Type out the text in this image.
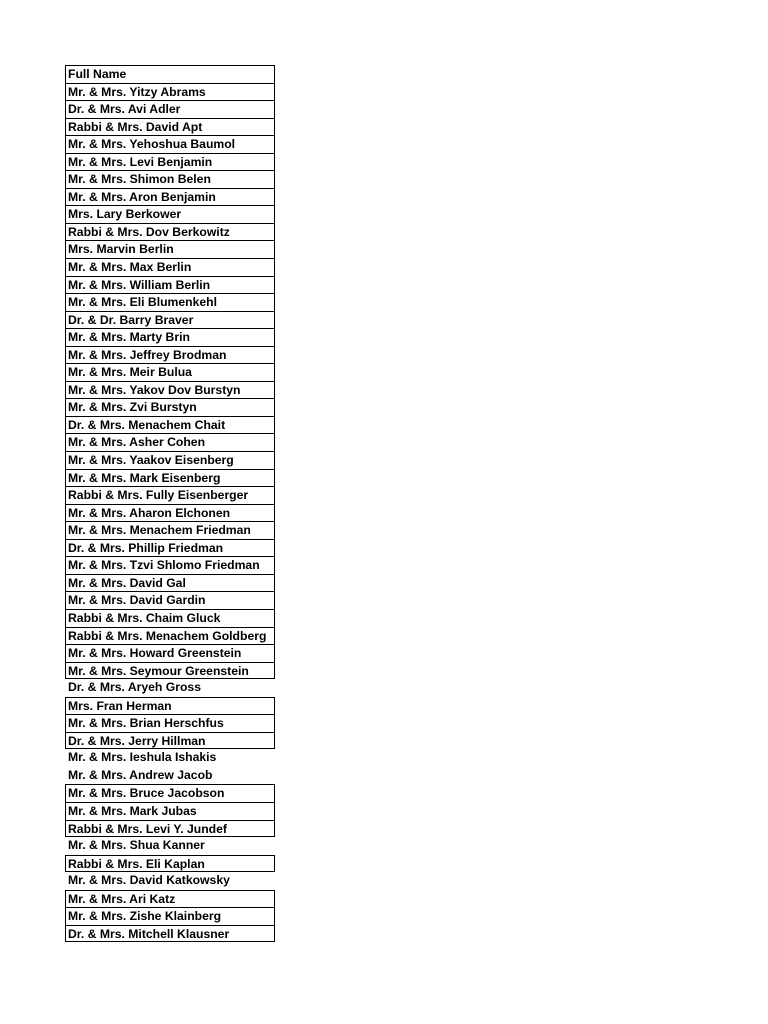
Full Name
Mr. & Mrs. Yitzy Abrams
Dr. & Mrs. Avi Adler
Rabbi & Mrs. David Apt
Mr. & Mrs. Yehoshua Baumol
Mr. & Mrs. Levi Benjamin
Mr. & Mrs. Shimon Belen
Mr. & Mrs. Aron Benjamin
Mrs. Lary Berkower
Rabbi & Mrs. Dov Berkowitz
Mrs. Marvin Berlin
Mr. & Mrs. Max Berlin
Mr. & Mrs. William Berlin
Mr. & Mrs. Eli Blumenkehl
Dr. & Dr. Barry Braver
Mr. & Mrs. Marty Brin
Mr. & Mrs. Jeffrey Brodman
Mr. & Mrs. Meir Bulua
Mr. & Mrs. Yakov Dov Burstyn
Mr. & Mrs. Zvi Burstyn
Dr. & Mrs. Menachem Chait
Mr. & Mrs. Asher Cohen
Mr. & Mrs. Yaakov Eisenberg
Mr. & Mrs. Mark Eisenberg
Rabbi & Mrs. Fully Eisenberger
Mr. & Mrs. Aharon Elchonen
Mr. & Mrs. Menachem Friedman
Dr. & Mrs. Phillip Friedman
Mr. & Mrs. Tzvi Shlomo Friedman
Mr. & Mrs. David Gal
Mr. & Mrs. David Gardin
Rabbi & Mrs. Chaim Gluck
Rabbi & Mrs. Menachem Goldberg
Mr. & Mrs. Howard Greenstein
Mr. & Mrs. Seymour Greenstein
Dr. & Mrs. Aryeh Gross
Mrs. Fran Herman
Mr. & Mrs. Brian Herschfus
Dr. & Mrs. Jerry Hillman
Mr. & Mrs. Ieshula Ishakis
Mr. & Mrs. Andrew Jacob
Mr. & Mrs. Bruce Jacobson
Mr. & Mrs. Mark Jubas
Rabbi & Mrs. Levi Y. Jundef
Mr. & Mrs. Shua Kanner
Rabbi & Mrs. Eli Kaplan
Mr. & Mrs. David Katkowsky
Mr. & Mrs. Ari Katz
Mr. & Mrs. Zishe Klainberg
Dr. & Mrs. Mitchell Klausner
